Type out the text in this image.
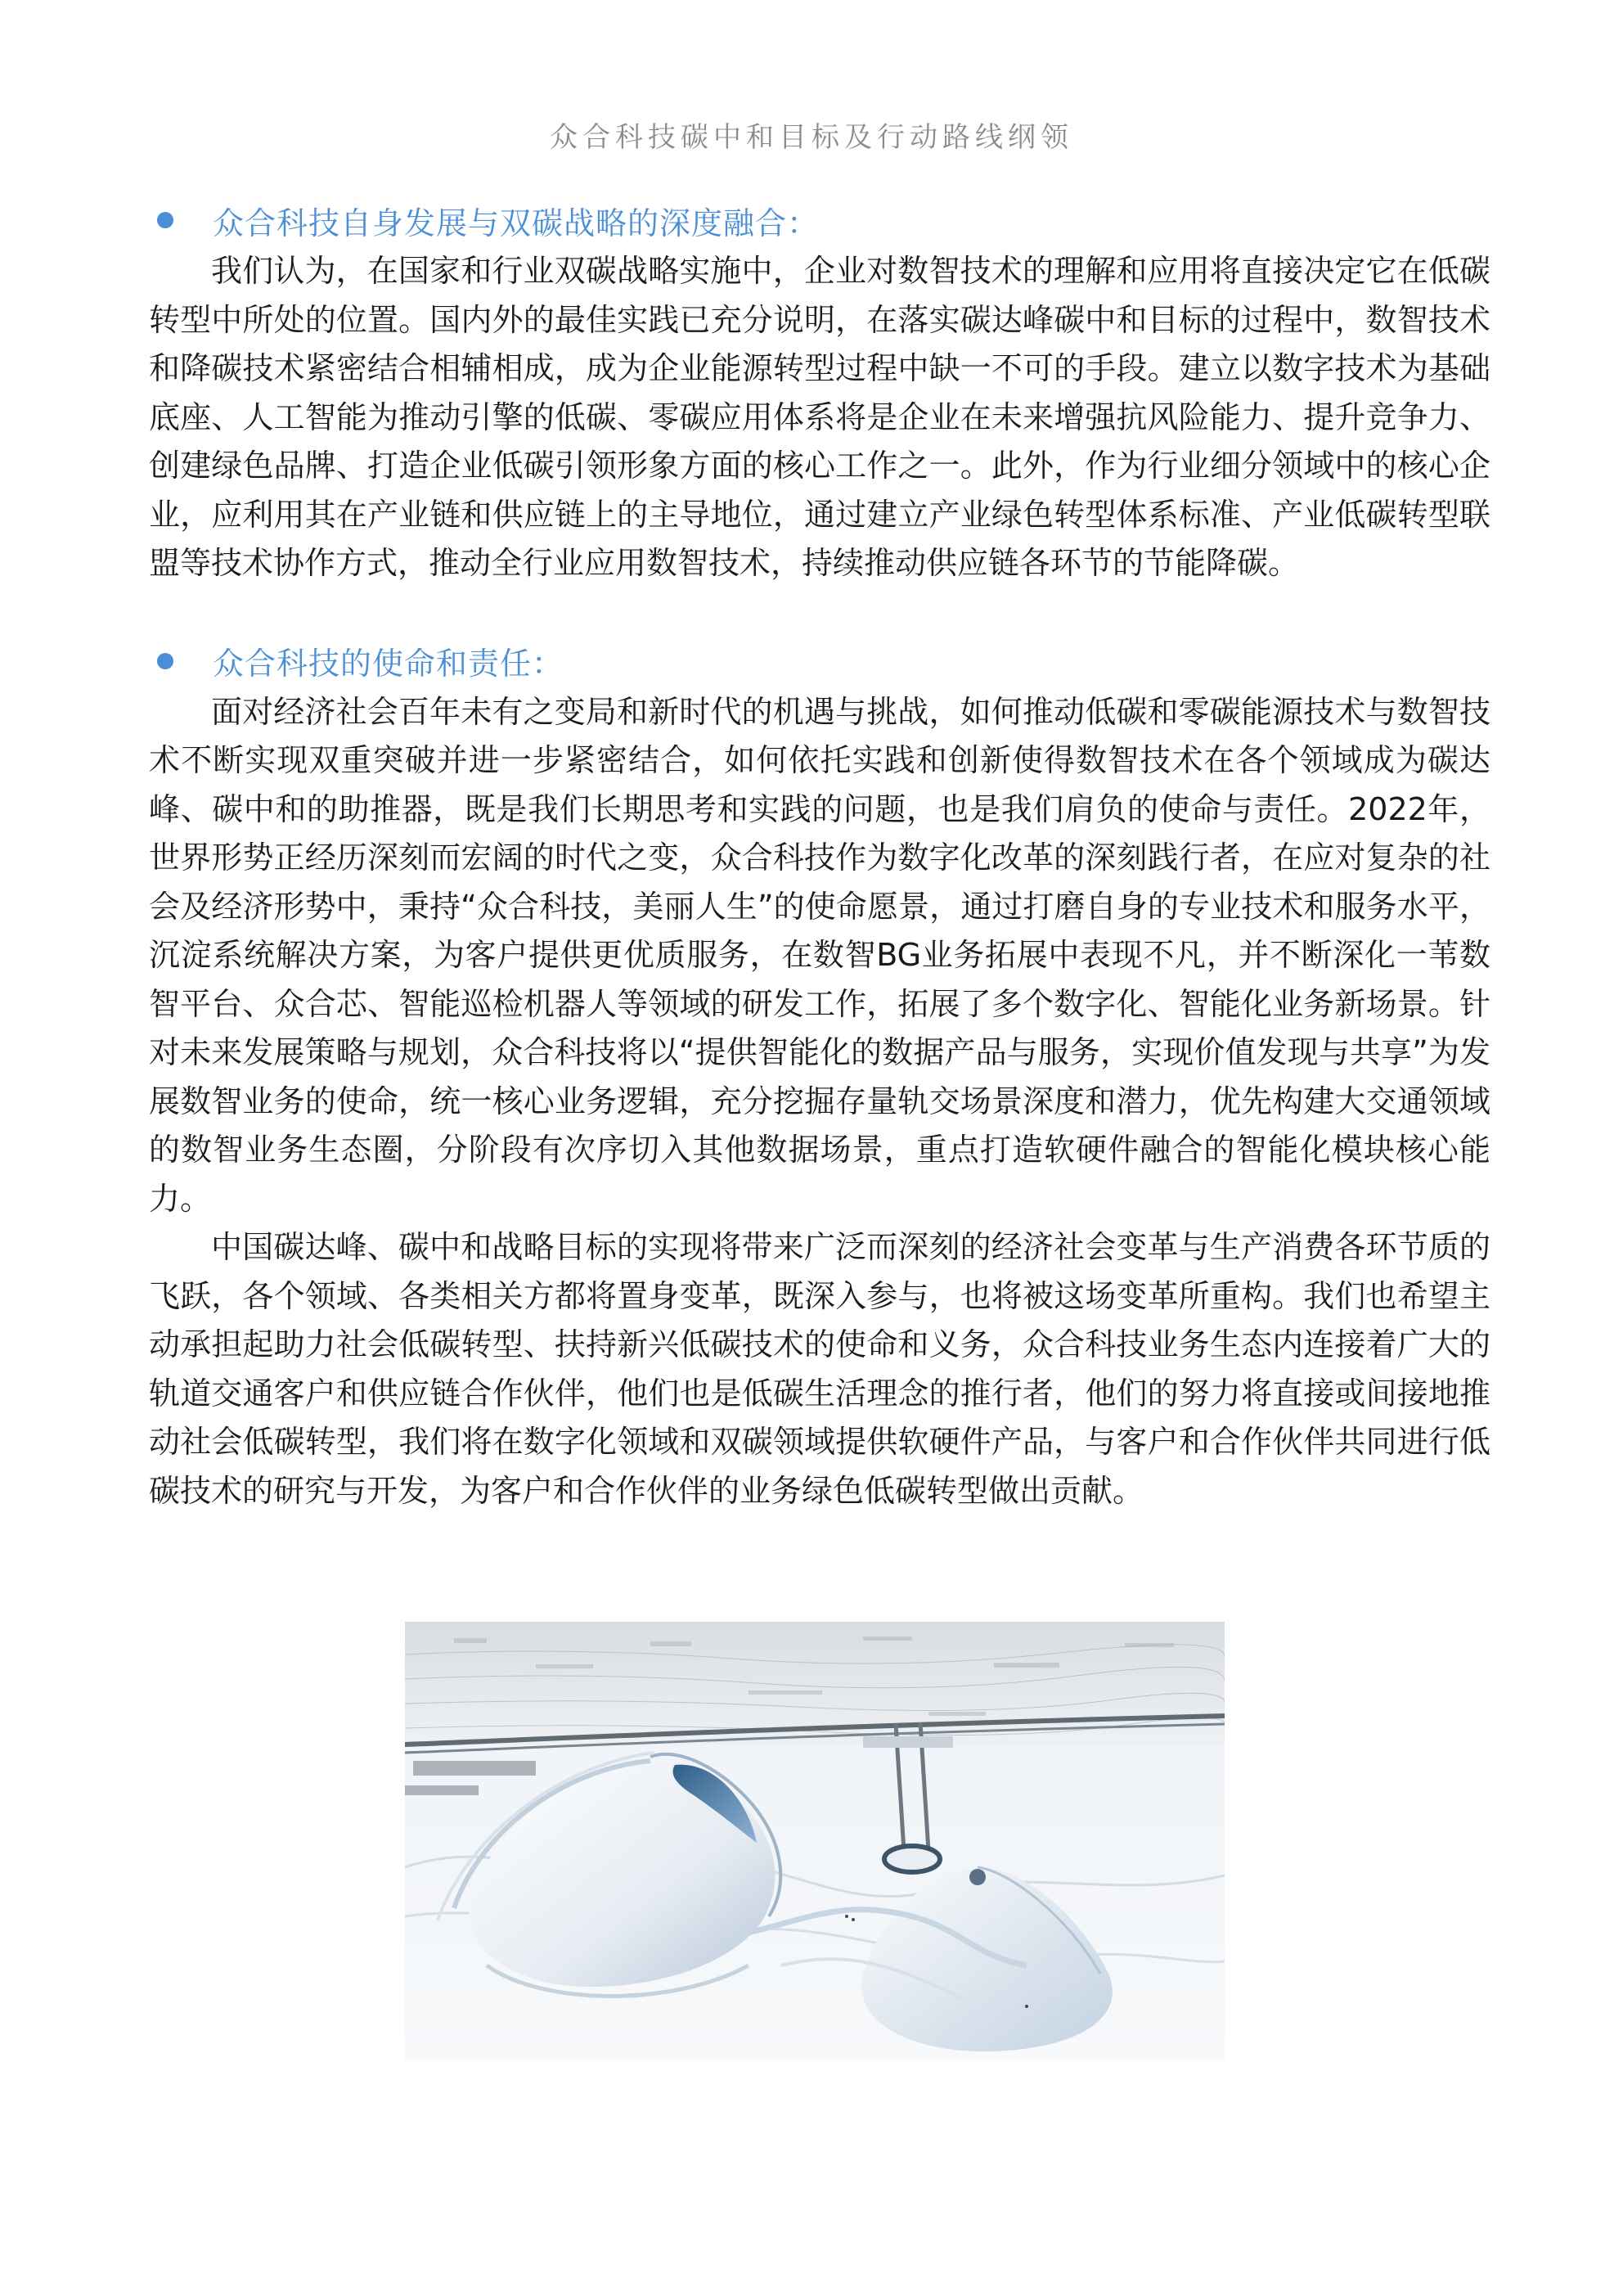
众合科技碳中和目标及行动路线纲领
众合科技自身发展与双碳战略的深度融合：

我们认为，在国家和行业双碳战略实施中，企业对数智技术的理解和应用将直接决定它在低碳转型中所处的位置。国内外的最佳实践已充分说明，在落实碳达峰碳中和目标的过程中，数智技术和降碳技术紧密结合相辅相成，成为企业能源转型过程中缺一不可的手段。建立以数字技术为基础底座、人工智能为推动引擎的低碳、零碳应用体系将是企业在未来增强抗风险能力、提升竞争力、创建绿色品牌、打造企业低碳引领形象方面的核心工作之一。此外，作为行业细分领域中的核心企业，应利用其在产业链和供应链上的主导地位，通过建立产业绿色转型体系标准、产业低碳转型联盟等技术协作方式，推动全行业应用数智技术，持续推动供应链各环节的节能降碳。

众合科技的使命和责任：

面对经济社会百年未有之变局和新时代的机遇与挑战，如何推动低碳和零碳能源技术与数智技术不断实现双重突破并进一步紧密结合，如何依托实践和创新使得数智技术在各个领域成为碳达峰、碳中和的助推器，既是我们长期思考和实践的问题，也是我们肩负的使命与责任。2022年，世界形势正经历深刻而宏阔的时代之变，众合科技作为数字化改革的深刻践行者，在应对复杂的社会及经济形势中，秉持“众合科技，美丽人生”的使命愿景，通过打磨自身的专业技术和服务水平，沉淀系统解决方案，为客户提供更优质服务，在数智BG业务拓展中表现不凡，并不断深化一苇数智平台、众合芯、智能巡检机器人等领域的研发工作，拓展了多个数字化、智能化业务新场景。针对未来发展策略与规划，众合科技将以“提供智能化的数据产品与服务，实现价值发现与共享”为发展数智业务的使命，统一核心业务逻辑，充分挖掘存量轨交场景深度和潜力，优先构建大交通领域的数智业务生态圈，分阶段有次序切入其他数据场景，重点打造软硬件融合的智能化模块核心能力。

中国碳达峰、碳中和战略目标的实现将带来广泛而深刻的经济社会变革与生产消费各环节质的飞跃，各个领域、各类相关方都将置身变革，既深入参与，也将被这场变革所重构。我们也希望主动承担起助力社会低碳转型、扶持新兴低碳技术的使命和义务，众合科技业务生态内连接着广大的轨道交通客户和供应链合作伙伴，他们也是低碳生活理念的推行者，他们的努力将直接或间接地推动社会低碳转型，我们将在数字化领域和双碳领域提供软硬件产品，与客户和合作伙伴共同进行低碳技术的研究与开发，为客户和合作伙伴的业务绿色低碳转型做出贡献。
